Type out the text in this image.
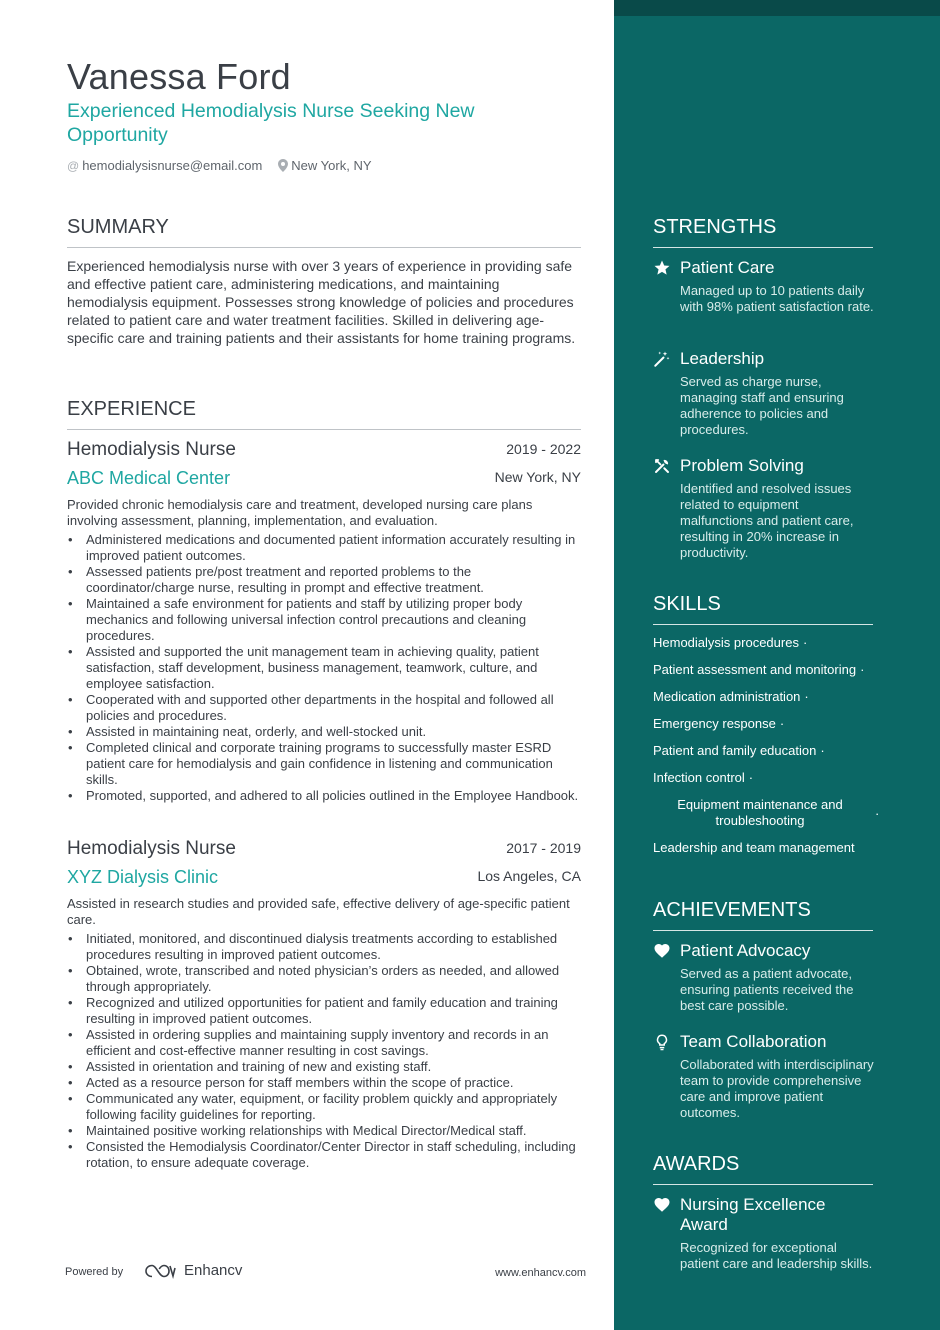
Vanessa Ford
Experienced Hemodialysis Nurse Seeking New Opportunity
@ hemodialysisnurse@email.com New York, NY
SUMMARY
Experienced hemodialysis nurse with over 3 years of experience in providing safe and effective patient care, administering medications, and maintaining hemodialysis equipment. Possesses strong knowledge of policies and procedures related to patient care and water treatment facilities. Skilled in delivering age-specific care and training patients and their assistants for home training programs.
EXPERIENCE
Hemodialysis Nurse	2019 - 2022
ABC Medical Center	New York, NY
Provided chronic hemodialysis care and treatment, developed nursing care plans involving assessment, planning, implementation, and evaluation.
• Administered medications and documented patient information accurately resulting in improved patient outcomes.
• Assessed patients pre/post treatment and reported problems to the coordinator/charge nurse, resulting in prompt and effective treatment.
• Maintained a safe environment for patients and staff by utilizing proper body mechanics and following universal infection control precautions and cleaning procedures.
• Assisted and supported the unit management team in achieving quality, patient satisfaction, staff development, business management, teamwork, culture, and employee satisfaction.
• Cooperated with and supported other departments in the hospital and followed all policies and procedures.
• Assisted in maintaining neat, orderly, and well-stocked unit.
• Completed clinical and corporate training programs to successfully master ESRD patient care for hemodialysis and gain confidence in listening and communication skills.
• Promoted, supported, and adhered to all policies outlined in the Employee Handbook.
Hemodialysis Nurse	2017 - 2019
XYZ Dialysis Clinic	Los Angeles, CA
Assisted in research studies and provided safe, effective delivery of age-specific patient care.
• Initiated, monitored, and discontinued dialysis treatments according to established procedures resulting in improved patient outcomes.
• Obtained, wrote, transcribed and noted physician’s orders as needed, and allowed through appropriately.
• Recognized and utilized opportunities for patient and family education and training resulting in improved patient outcomes.
• Assisted in ordering supplies and maintaining supply inventory and records in an efficient and cost-effective manner resulting in cost savings.
• Assisted in orientation and training of new and existing staff.
• Acted as a resource person for staff members within the scope of practice.
• Communicated any water, equipment, or facility problem quickly and appropriately following facility guidelines for reporting.
• Maintained positive working relationships with Medical Director/Medical staff.
• Consisted the Hemodialysis Coordinator/Center Director in staff scheduling, including rotation, to ensure adequate coverage.
STRENGTHS
Patient Care
Managed up to 10 patients daily with 98% patient satisfaction rate.
Leadership
Served as charge nurse, managing staff and ensuring adherence to policies and procedures.
Problem Solving
Identified and resolved issues related to equipment malfunctions and patient care, resulting in 20% increase in productivity.
SKILLS
Hemodialysis procedures ·
Patient assessment and monitoring ·
Medication administration ·
Emergency response ·
Patient and family education ·
Infection control ·
Equipment maintenance and troubleshooting	·
Leadership and team management
ACHIEVEMENTS
Patient Advocacy
Served as a patient advocate, ensuring patients received the best care possible.
Team Collaboration
Collaborated with interdisciplinary team to provide comprehensive care and improve patient outcomes.
AWARDS
Nursing Excellence Award
Recognized for exceptional patient care and leadership skills.
Powered by	Enhancv	www.enhancv.com
